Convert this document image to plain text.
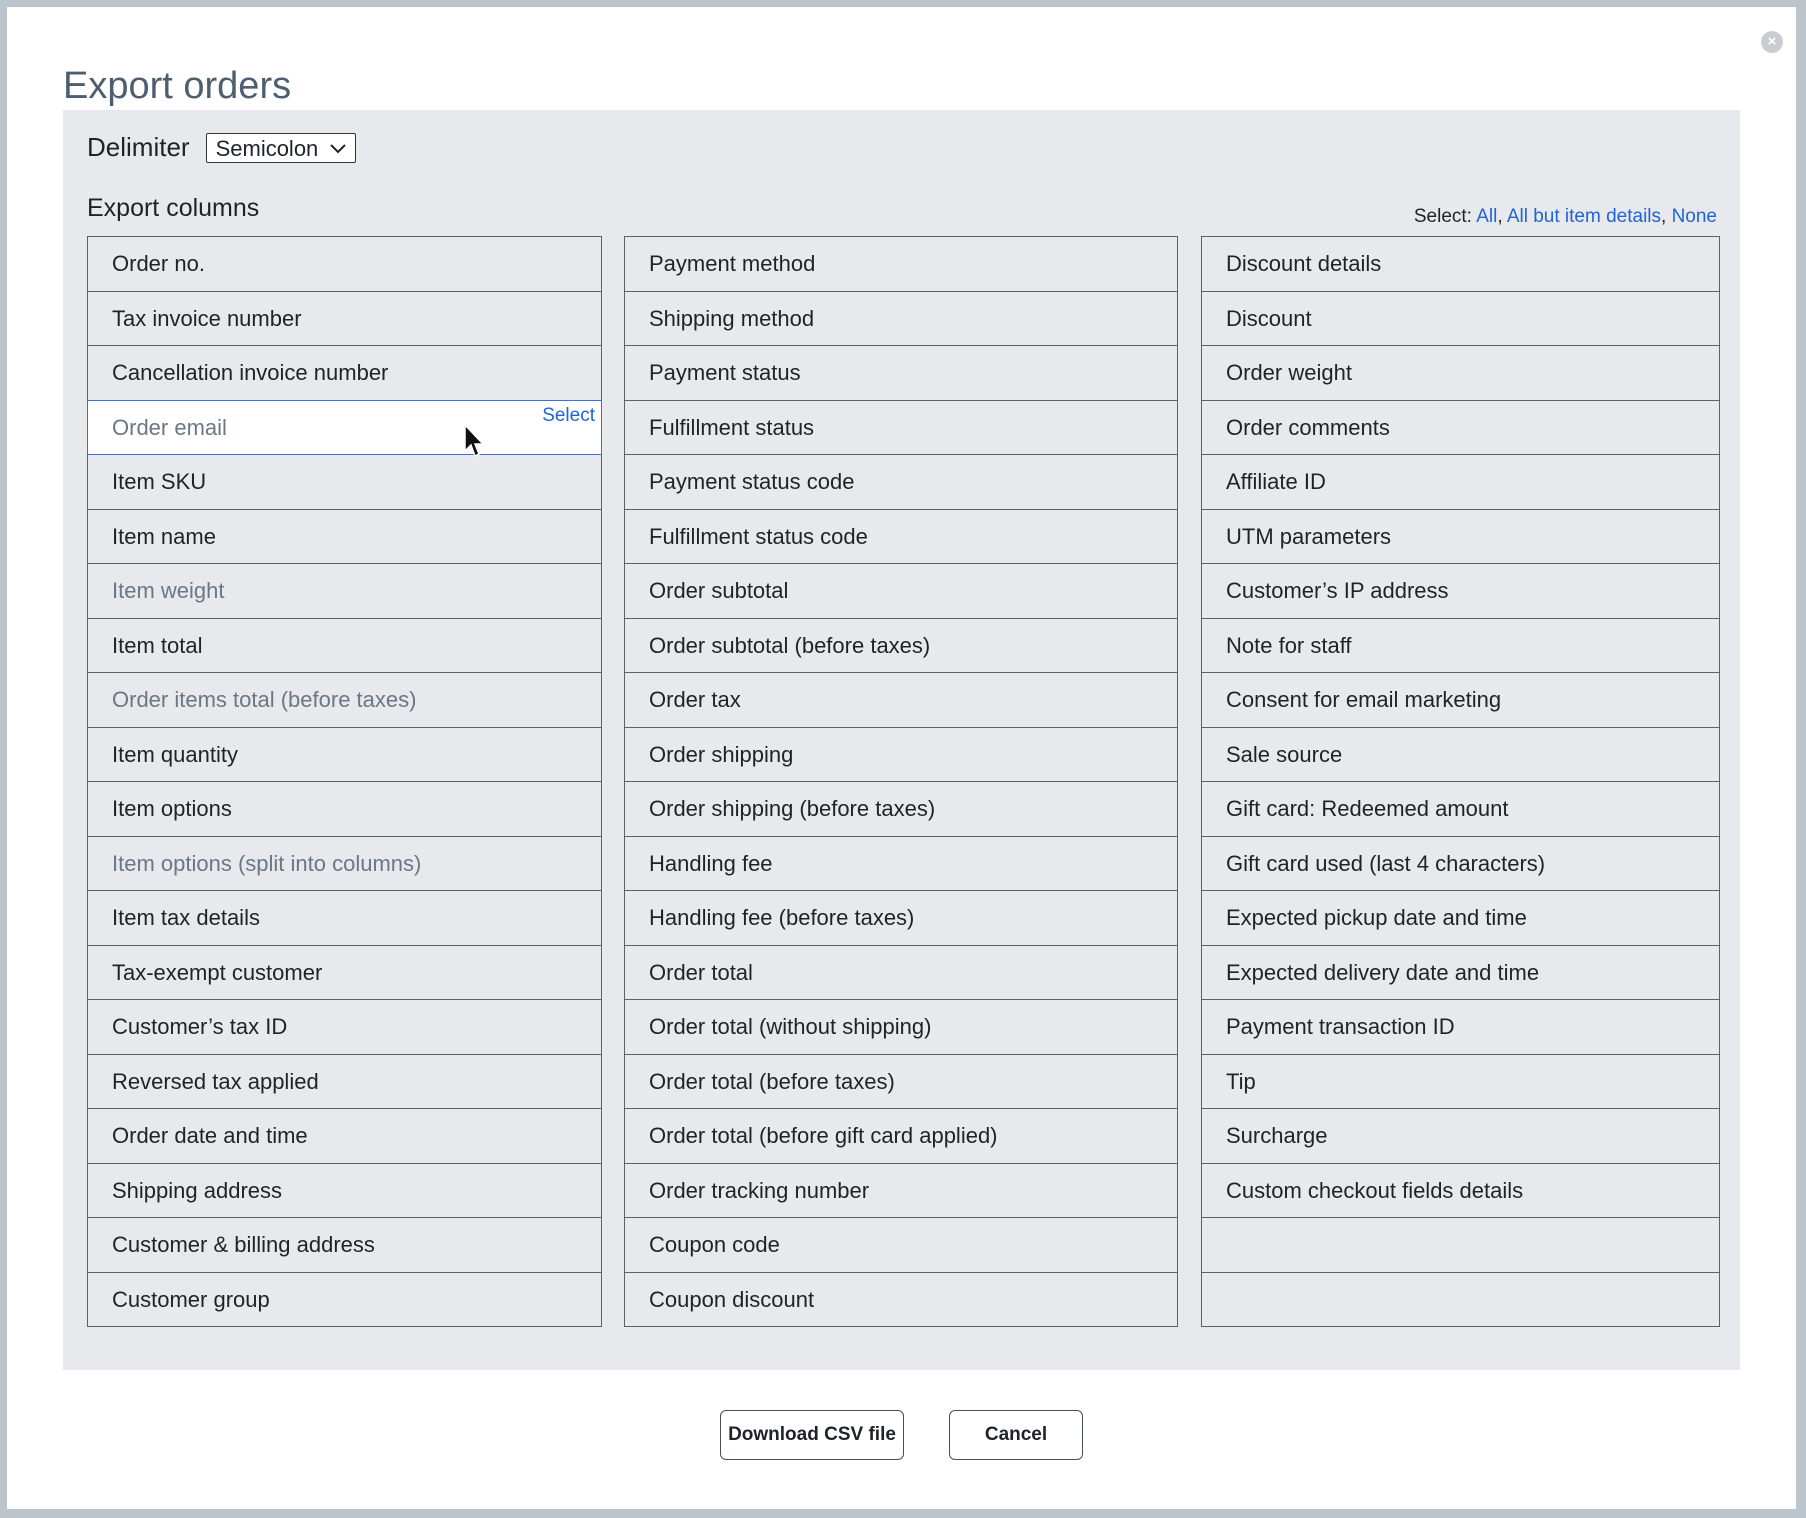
×
Export orders
Delimiter	Semicolon
Export columns	Select: All, All but item details, None
Order no.
Tax invoice number
Cancellation invoice number
Order email	Select
Item SKU
Item name
Item weight
Item total
Order items total (before taxes)
Item quantity
Item options
Item options (split into columns)
Item tax details
Tax-exempt customer
Customer’s tax ID
Reversed tax applied
Order date and time
Shipping address
Customer & billing address
Customer group
Payment method
Shipping method
Payment status
Fulfillment status
Payment status code
Fulfillment status code
Order subtotal
Order subtotal (before taxes)
Order tax
Order shipping
Order shipping (before taxes)
Handling fee
Handling fee (before taxes)
Order total
Order total (without shipping)
Order total (before taxes)
Order total (before gift card applied)
Order tracking number
Coupon code
Coupon discount
Discount details
Discount
Order weight
Order comments
Affiliate ID
UTM parameters
Customer’s IP address
Note for staff
Consent for email marketing
Sale source
Gift card: Redeemed amount
Gift card used (last 4 characters)
Expected pickup date and time
Expected delivery date and time
Payment transaction ID
Tip
Surcharge
Custom checkout fields details
Download CSV file	Cancel
